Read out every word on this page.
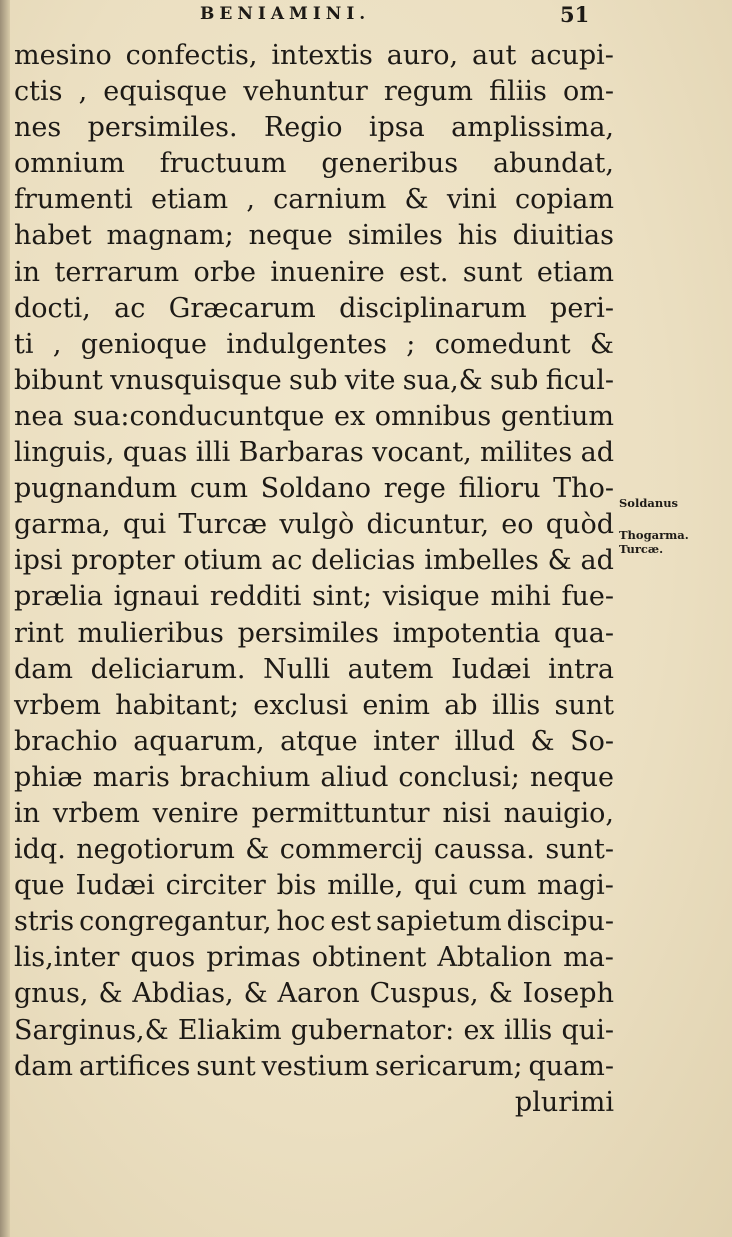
BENIAMINI.	51
mesino confectis, intextis auro, aut acupi-
ctis , equisque vehuntur regum filiis om-
nes persimiles. Regio ipsa amplissima,
omnium fructuum generibus abundat,
frumenti etiam , carnium & vini copiam
habet magnam; neque similes his diuitias
in terrarum orbe inuenire est. sunt etiam
docti, ac Græcarum disciplinarum peri-
ti , genioque indulgentes ; comedunt &
bibunt vnusquisque sub vite sua,& sub ficul-
nea sua:conducuntque ex omnibus gentium
linguis, quas illi Barbaras vocant, milites ad
pugnandum cum Soldano rege filioru Tho-
garma, qui Turcæ vulgò dicuntur, eo quòd
ipsi propter otium ac delicias imbelles & ad
prælia ignaui redditi sint; visique mihi fue-
rint mulieribus persimiles impotentia qua-
dam deliciarum. Nulli autem Iudæi intra
vrbem habitant; exclusi enim ab illis sunt
brachio aquarum, atque inter illud & So-
phiæ maris brachium aliud conclusi; neque
in vrbem venire permittuntur nisi nauigio,
idq. negotiorum & commercij caussa. sunt-
que Iudæi circiter bis mille, qui cum magi-
stris congregantur, hoc est sapietum discipu-
lis,inter quos primas obtinent Abtalion ma-
gnus, & Abdias, & Aaron Cuspus, & Ioseph
Sarginus,& Eliakim gubernator: ex illis qui-
dam artifices sunt vestium sericarum; quam-
plurimi
Soldanus
Thogarma.
Turcæ.
